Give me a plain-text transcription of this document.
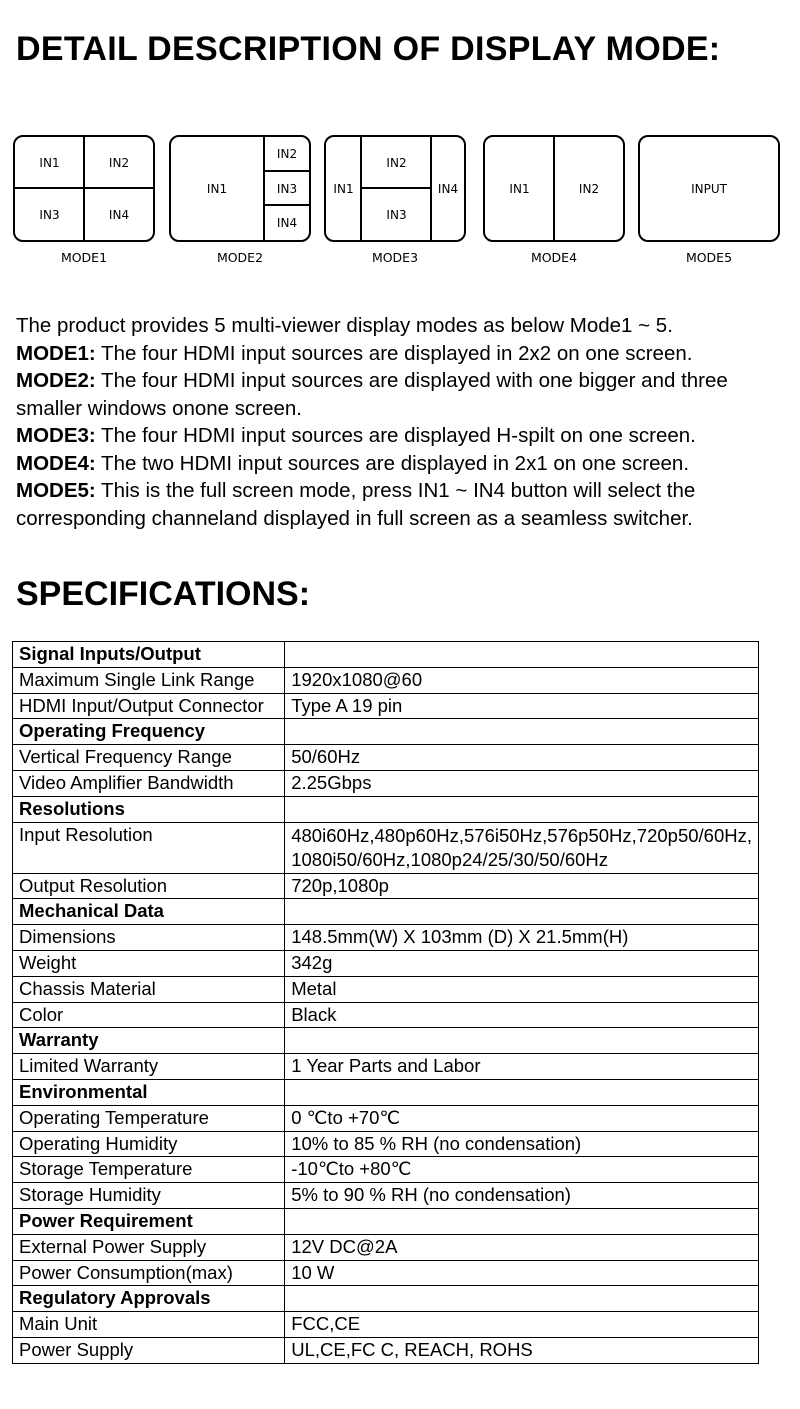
DETAIL DESCRIPTION OF DISPLAY MODE:
IN1	IN2
IN3	IN4
MODE1
IN1
IN2
IN3
IN4
MODE2
IN1
IN2
IN3
IN4
MODE3
IN1	IN2
MODE4
INPUT
MODE5

The product provides 5 multi-viewer display modes as below Mode1 ~ 5.

MODE1: The four HDMI input sources are displayed in 2x2 on one screen.

MODE2: The four HDMI input sources are displayed with one bigger and three smaller windows onone screen.

MODE3: The four HDMI input sources are displayed H-spilt on one screen.

MODE4: The two HDMI input sources are displayed in 2x1 on one screen.

MODE5: This is the full screen mode, press IN1 ~ IN4 button will select the corresponding channeland displayed in full screen as a seamless switcher.

SPECIFICATIONS:
Signal Inputs/Output	
Maximum Single Link Range	1920x1080@60
HDMI Input/Output Connector	Type A 19 pin
Operating Frequency	
Vertical Frequency Range	50/60Hz
Video Amplifier Bandwidth	2.25Gbps
Resolutions	
Input Resolution	480i60Hz,480p60Hz,576i50Hz,576p50Hz,720p50/60Hz,
1080i50/60Hz,1080p24/25/30/50/60Hz

Output Resolution	720p,1080p
Mechanical Data	
Dimensions	148.5mm(W) X 103mm (D) X 21.5mm(H)
Weight	342g
Chassis Material	Metal
Color	Black
Warranty	
Limited Warranty	1 Year Parts and Labor
Environmental	
Operating Temperature	0 ℃to +70℃
Operating Humidity	10% to 85 % RH (no condensation)
Storage Temperature	-10℃to +80℃
Storage Humidity	5% to 90 % RH (no condensation)
Power Requirement	
External Power Supply	12V DC@2A
Power Consumption(max)	10 W
Regulatory Approvals	
Main Unit	FCC,CE
Power Supply	UL,CE,FC C, REACH, ROHS
